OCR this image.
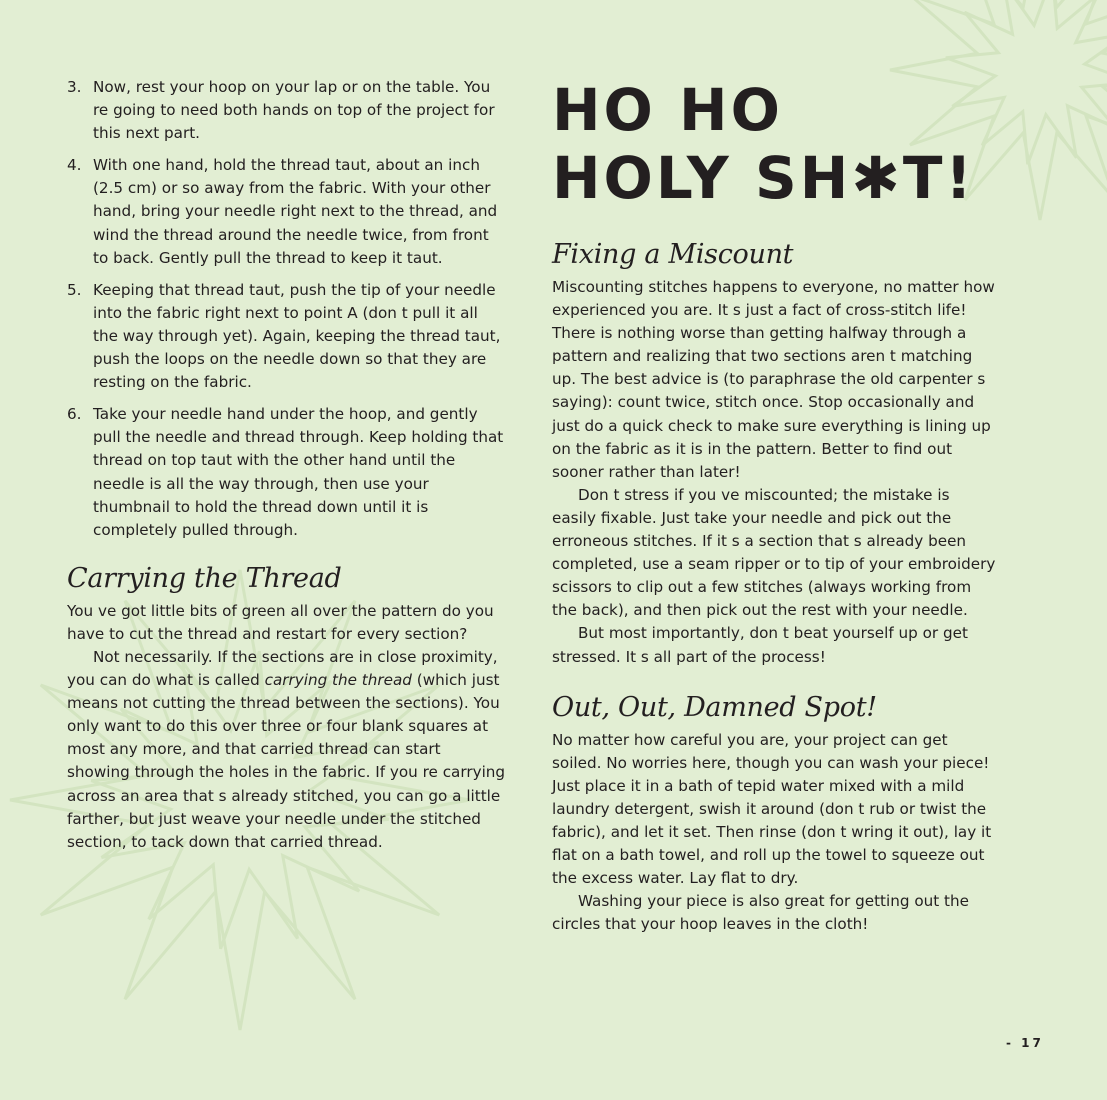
3. Now, rest your hoop on your lap or on the table. You re going to need both hands on top of the project for this next part.
4. With one hand, hold the thread taut, about an inch (2.5 cm) or so away from the fabric. With your other hand, bring your needle right next to the thread, and wind the thread around the needle twice, from front to back. Gently pull the thread to keep it taut.
5. Keeping that thread taut, push the tip of your needle into the fabric right next to point A (don t pull it all the way through yet). Again, keeping the thread taut, push the loops on the needle down so that they are resting on the fabric.
6. Take your needle hand under the hoop, and gently pull the needle and thread through. Keep holding that thread on top taut with the other hand until the needle is all the way through, then use your thumbnail to hold the thread down until it is completely pulled through.
Carrying the Thread

You ve got little bits of green all over the pattern do you have to cut the thread and restart for every section?

Not necessarily. If the sections are in close proximity, you can do what is called carrying the thread (which just means not cutting the thread between the sections). You only want to do this over three or four blank squares at most any more, and that carried thread can start showing through the holes in the fabric. If you re carrying across an area that s already stitched, you can go a little farther, but just weave your needle under the stitched section, to tack down that carried thread.

HO HO
HOLY SH✱T!
Fixing a Miscount

Miscounting stitches happens to everyone, no matter how experienced you are. It s just a fact of cross-stitch life! There is nothing worse than getting halfway through a pattern and realizing that two sections aren t matching up. The best advice is (to paraphrase the old carpenter s saying): count twice, stitch once. Stop occasionally and just do a quick check to make sure everything is lining up on the fabric as it is in the pattern. Better to find out sooner rather than later!

Don t stress if you ve miscounted; the mistake is easily fixable. Just take your needle and pick out the erroneous stitches. If it s a section that s already been completed, use a seam ripper or to tip of your embroidery scissors to clip out a few stitches (always working from the back), and then pick out the rest with your needle.

But most importantly, don t beat yourself up or get stressed. It s all part of the process!

Out, Out, Damned Spot!

No matter how careful you are, your project can get soiled. No worries here, though you can wash your piece! Just place it in a bath of tepid water mixed with a mild laundry detergent, swish it around (don t rub or twist the fabric), and let it set. Then rinse (don t wring it out), lay it flat on a bath towel, and roll up the towel to squeeze out the excess water. Lay flat to dry.

Washing your piece is also great for getting out the circles that your hoop leaves in the cloth!

- 17
